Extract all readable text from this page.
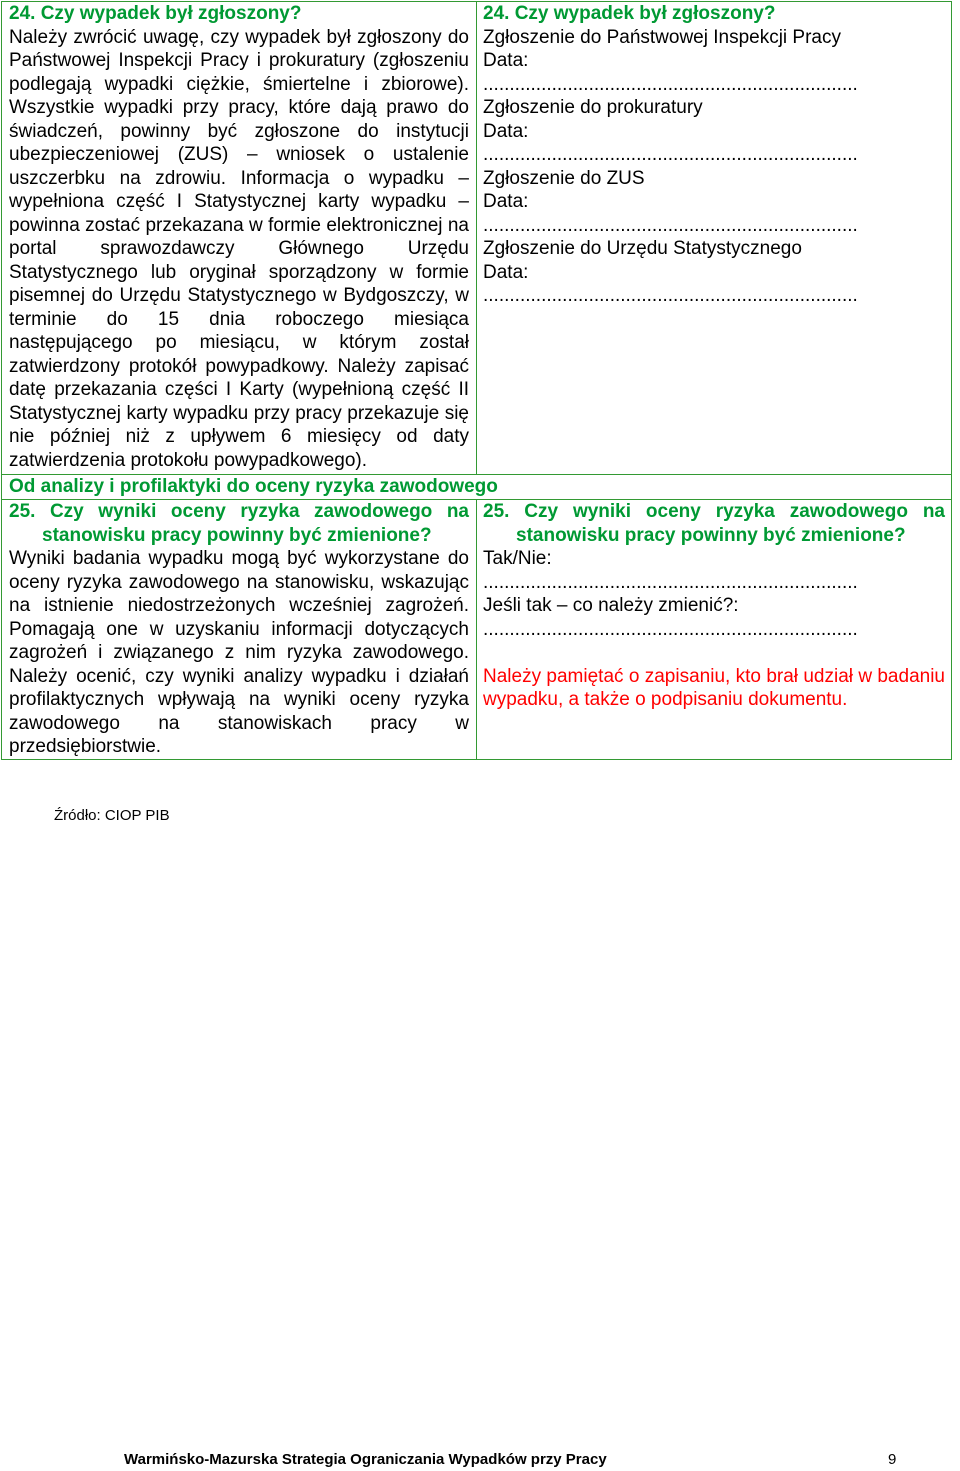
24. Czy wypadek był zgłoszony?
Należy zwrócić uwagę, czy wypadek był zgłoszony do Państwowej Inspekcji Pracy i prokuratury (zgłoszeniu podlegają wypadki ciężkie, śmiertelne i zbiorowe). Wszystkie wypadki przy pracy, które dają prawo do świadczeń, powinny być zgłoszone do instytucji ubezpieczeniowej (ZUS) – wniosek o ustalenie uszczerbku na zdrowiu. Informacja o wypadku – wypełniona część I Statystycznej karty wypadku – powinna zostać przekazana w formie elektronicznej na portal sprawozdawczy Głównego Urzędu Statystycznego lub oryginał sporządzony w formie pisemnej do Urzędu Statystycznego w Bydgoszczy, w terminie do 15 dnia roboczego miesiąca następującego po miesiącu, w którym został zatwierdzony protokół powypadkowy. Należy zapisać datę przekazania części I Karty (wypełnioną część II Statystycznej karty wypadku przy pracy przekazuje się nie później niż z upływem 6 miesięcy od daty zatwierdzenia protokołu powypadkowego).
24. Czy wypadek był zgłoszony?
Zgłoszenie do Państwowej Inspekcji Pracy
Data:
.......................................................................
Zgłoszenie do prokuratury
Data:
.......................................................................
Zgłoszenie do ZUS
Data:
.......................................................................
Zgłoszenie do Urzędu Statystycznego
Data:
.......................................................................
Od analizy i profilaktyki do oceny ryzyka zawodowego
25. Czy wyniki oceny ryzyka zawodowego na stanowisku pracy powinny być zmienione?
Wyniki badania wypadku mogą być wykorzystane do oceny ryzyka zawodowego na stanowisku, wskazując na istnienie niedostrzeżonych wcześniej zagrożeń. Pomagają one w uzyskaniu informacji dotyczących zagrożeń i związanego z nim ryzyka zawodowego. Należy ocenić, czy wyniki analizy wypadku i działań profilaktycznych wpływają na wyniki oceny ryzyka zawodowego na stanowiskach pracy w przedsiębiorstwie.
25. Czy wyniki oceny ryzyka zawodowego na stanowisku pracy powinny być zmienione?
Tak/Nie:
.......................................................................
Jeśli tak – co należy zmienić?:
.......................................................................
Należy pamiętać o zapisaniu, kto brał udział w badaniu wypadku, a także o podpisaniu dokumentu.
Źródło: CIOP PIB
Warmińsko-Mazurska Strategia Ograniczania Wypadków przy Pracy	9
